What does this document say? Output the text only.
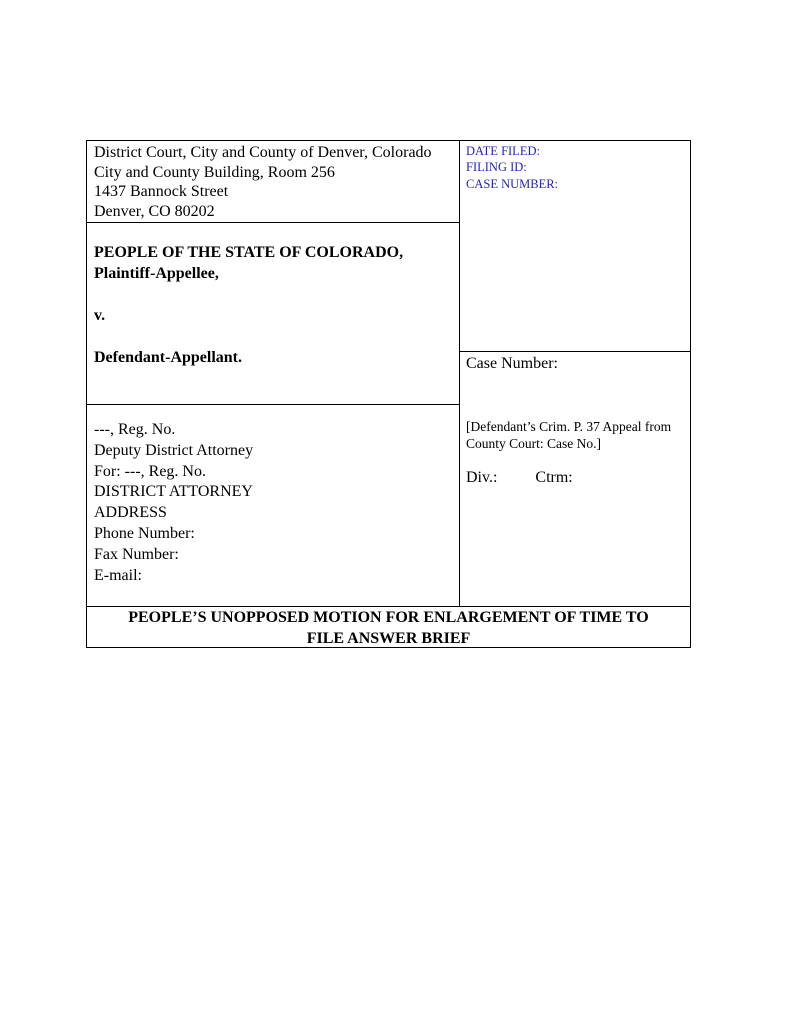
District Court, City and County of Denver, Colorado
City and County Building, Room 256
1437 Bannock Street
Denver, CO 80202
DATE FILED:
FILING ID:
CASE NUMBER:
PEOPLE OF THE STATE OF COLORADO,
Plaintiff-Appellee,
v.
Defendant-Appellant.	Case Number:
[Defendant’s Crim. P. 37 Appeal from County Court: Case No.]
Div.: Ctrm:
---, Reg. No.
Deputy District Attorney
For: ---, Reg. No.
DISTRICT ATTORNEY
ADDRESS
Phone Number:
Fax Number:
E-mail:
PEOPLE’S UNOPPOSED MOTION FOR ENLARGEMENT OF TIME TO
FILE ANSWER BRIEF
